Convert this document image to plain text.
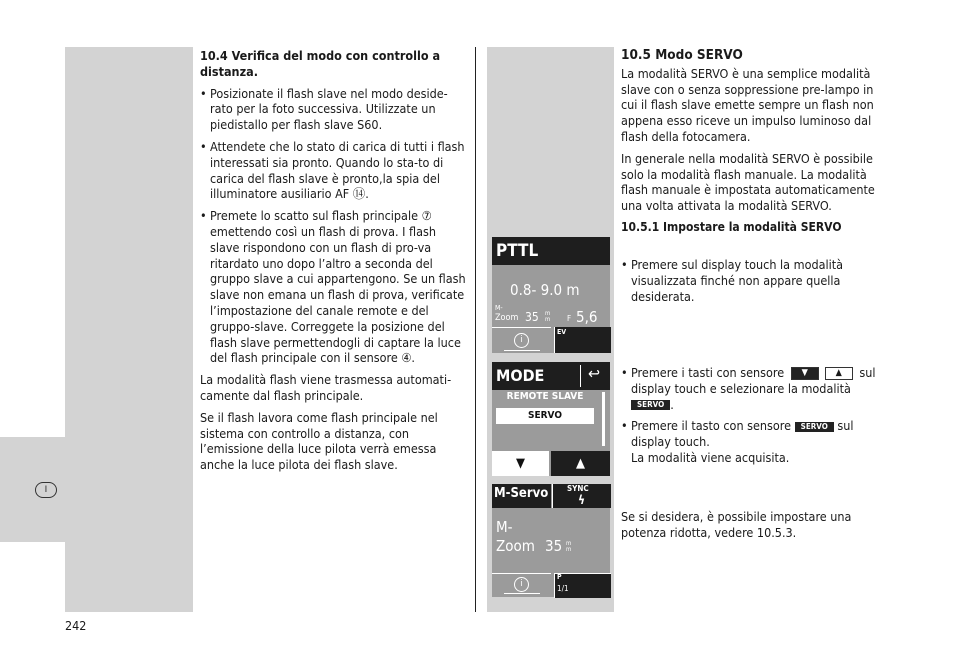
I
242

10.4 Verifica del modo con controllo a distanza.

• Posizionate il flash slave nel modo deside-rato per la foto successiva. Utilizzate un piedistallo per flash slave S60.
• Attendete che lo stato di carica di tutti i flash interessati sia pronto. Quando lo sta-to di carica del flash slave è pronto,la spia del illuminatore ausiliario AF ⑭.
• Premete lo scatto sul flash principale ⑦ emettendo così un flash di prova. I flash slave rispondono con un flash di pro-va ritardato uno dopo l’altro a seconda del gruppo slave a cui appartengono. Se un flash slave non emana un flash di prova, verificate l’impostazione del canale remote e del gruppo-slave. Correggete la posizione del flash slave permettendogli di captare la luce del flash principale con il sensore ④.

La modalità flash viene trasmessa automati-camente dal flash principale.

Se il flash lavora come flash principale nel sistema con controllo a distanza, con l’emissione della luce pilota verrà emessa anche la luce pilota dei flash slave.

10.5 Modo SERVO

La modalità SERVO è una semplice modalità slave con o senza soppressione pre-lampo in cui il flash slave emette sempre un flash non appena esso riceve un impulso luminoso dal flash della fotocamera.

In generale nella modalità SERVO è possibile solo la modalità flash manuale. La modalità flash manuale è impostata automaticamente una volta attivata la modalità SERVO.

10.5.1 Impostare la modalità SERVO

• Premere sul display touch la modalità visualizzata finché non appare quella desiderata.
• Premere i tasti con sensore ▼	▲ sul display touch e selezionare la modalità SERVO .
• Premere il tasto con sensore SERVO sul display touch.
La modalità viene acquisita.

Se si desidera, è possibile impostare una potenza ridotta, vedere 10.5.3.

PTTL
0.8- 9.0 m
M-
Zoom 35 m m	F 5,6
i
EV
MODE	↩
REMOTE SLAVE
SERVO
▼	▲
M-Servo SYNC
ϟ
M-
Zoom 35 m m
i
P
1/1
